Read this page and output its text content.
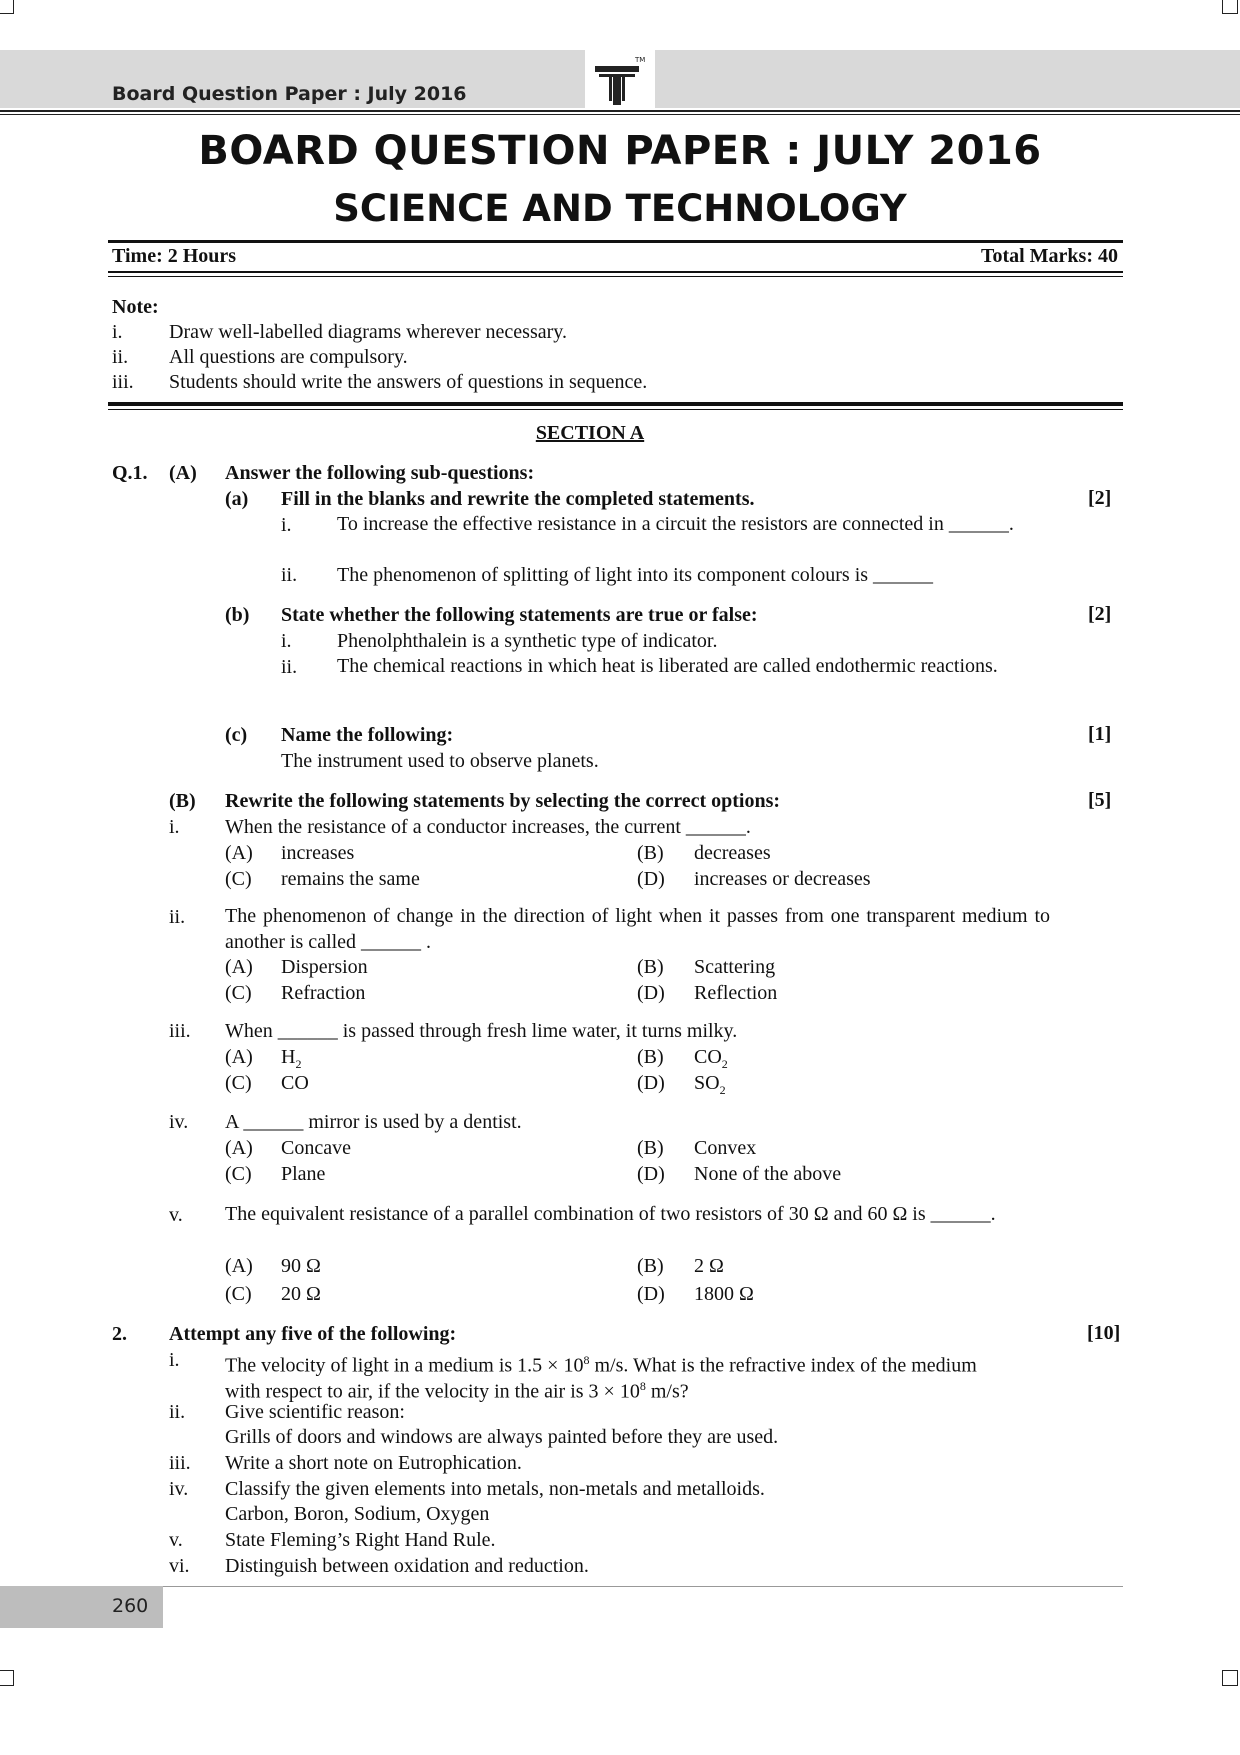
TM
Board Question Paper : July 2016
BOARD QUESTION PAPER : JULY 2016
SCIENCE AND TECHNOLOGY
Time: 2 Hours	Total Marks: 40
Note:
i. Draw well-labelled diagrams wherever necessary.
ii. All questions are compulsory.
iii. Students should write the answers of questions in sequence.
SECTION A
Q.1. (A) Answer the following sub-questions:
(a) Fill in the blanks and rewrite the completed statements.	[2]
i. To increase the effective resistance in a circuit the resistors are connected in ______.
ii. The phenomenon of splitting of light into its component colours is ______
(b) State whether the following statements are true or false:	[2]
i. Phenolphthalein is a synthetic type of indicator.
ii. The chemical reactions in which heat is liberated are called endothermic reactions.
(c) Name the following:	[1]
The instrument used to observe planets.
(B) Rewrite the following statements by selecting the correct options:	[5]
i. When the resistance of a conductor increases, the current ______.
(A) increases	(B) decreases
(C) remains the same	(D) increases or decreases
ii. The phenomenon of change in the direction of light when it passes from one transparent medium to another is called ______ .
(A) Dispersion	(B) Scattering
(C) Refraction	(D) Reflection
iii. When ______ is passed through fresh lime water, it turns milky.
(A) $H_2$	(B) $CO_2$
(C) CO	(D) $SO_2$
iv. A ______ mirror is used by a dentist.
(A) Concave	(B) Convex
(C) Plane	(D) None of the above
v. The equivalent resistance of a parallel combination of two resistors of 30 Ω and 60 Ω is ______.
(A) 90 Ω	(B) 2 Ω
(C) 20 Ω	(D) 1800 Ω
2. Attempt any five of the following:	[10]
i. The velocity of light in a medium is $1.5 \times 10^8$ m/s. What is the refractive index of the medium
with respect to air, if the velocity in the air is $3 \times 10^8$ m/s?
ii. Give scientific reason:
Grills of doors and windows are always painted before they are used.
iii. Write a short note on Eutrophication.
iv. Classify the given elements into metals, non-metals and metalloids.
Carbon, Boron, Sodium, Oxygen
v. State Fleming’s Right Hand Rule.
vi. Distinguish between oxidation and reduction.
260
